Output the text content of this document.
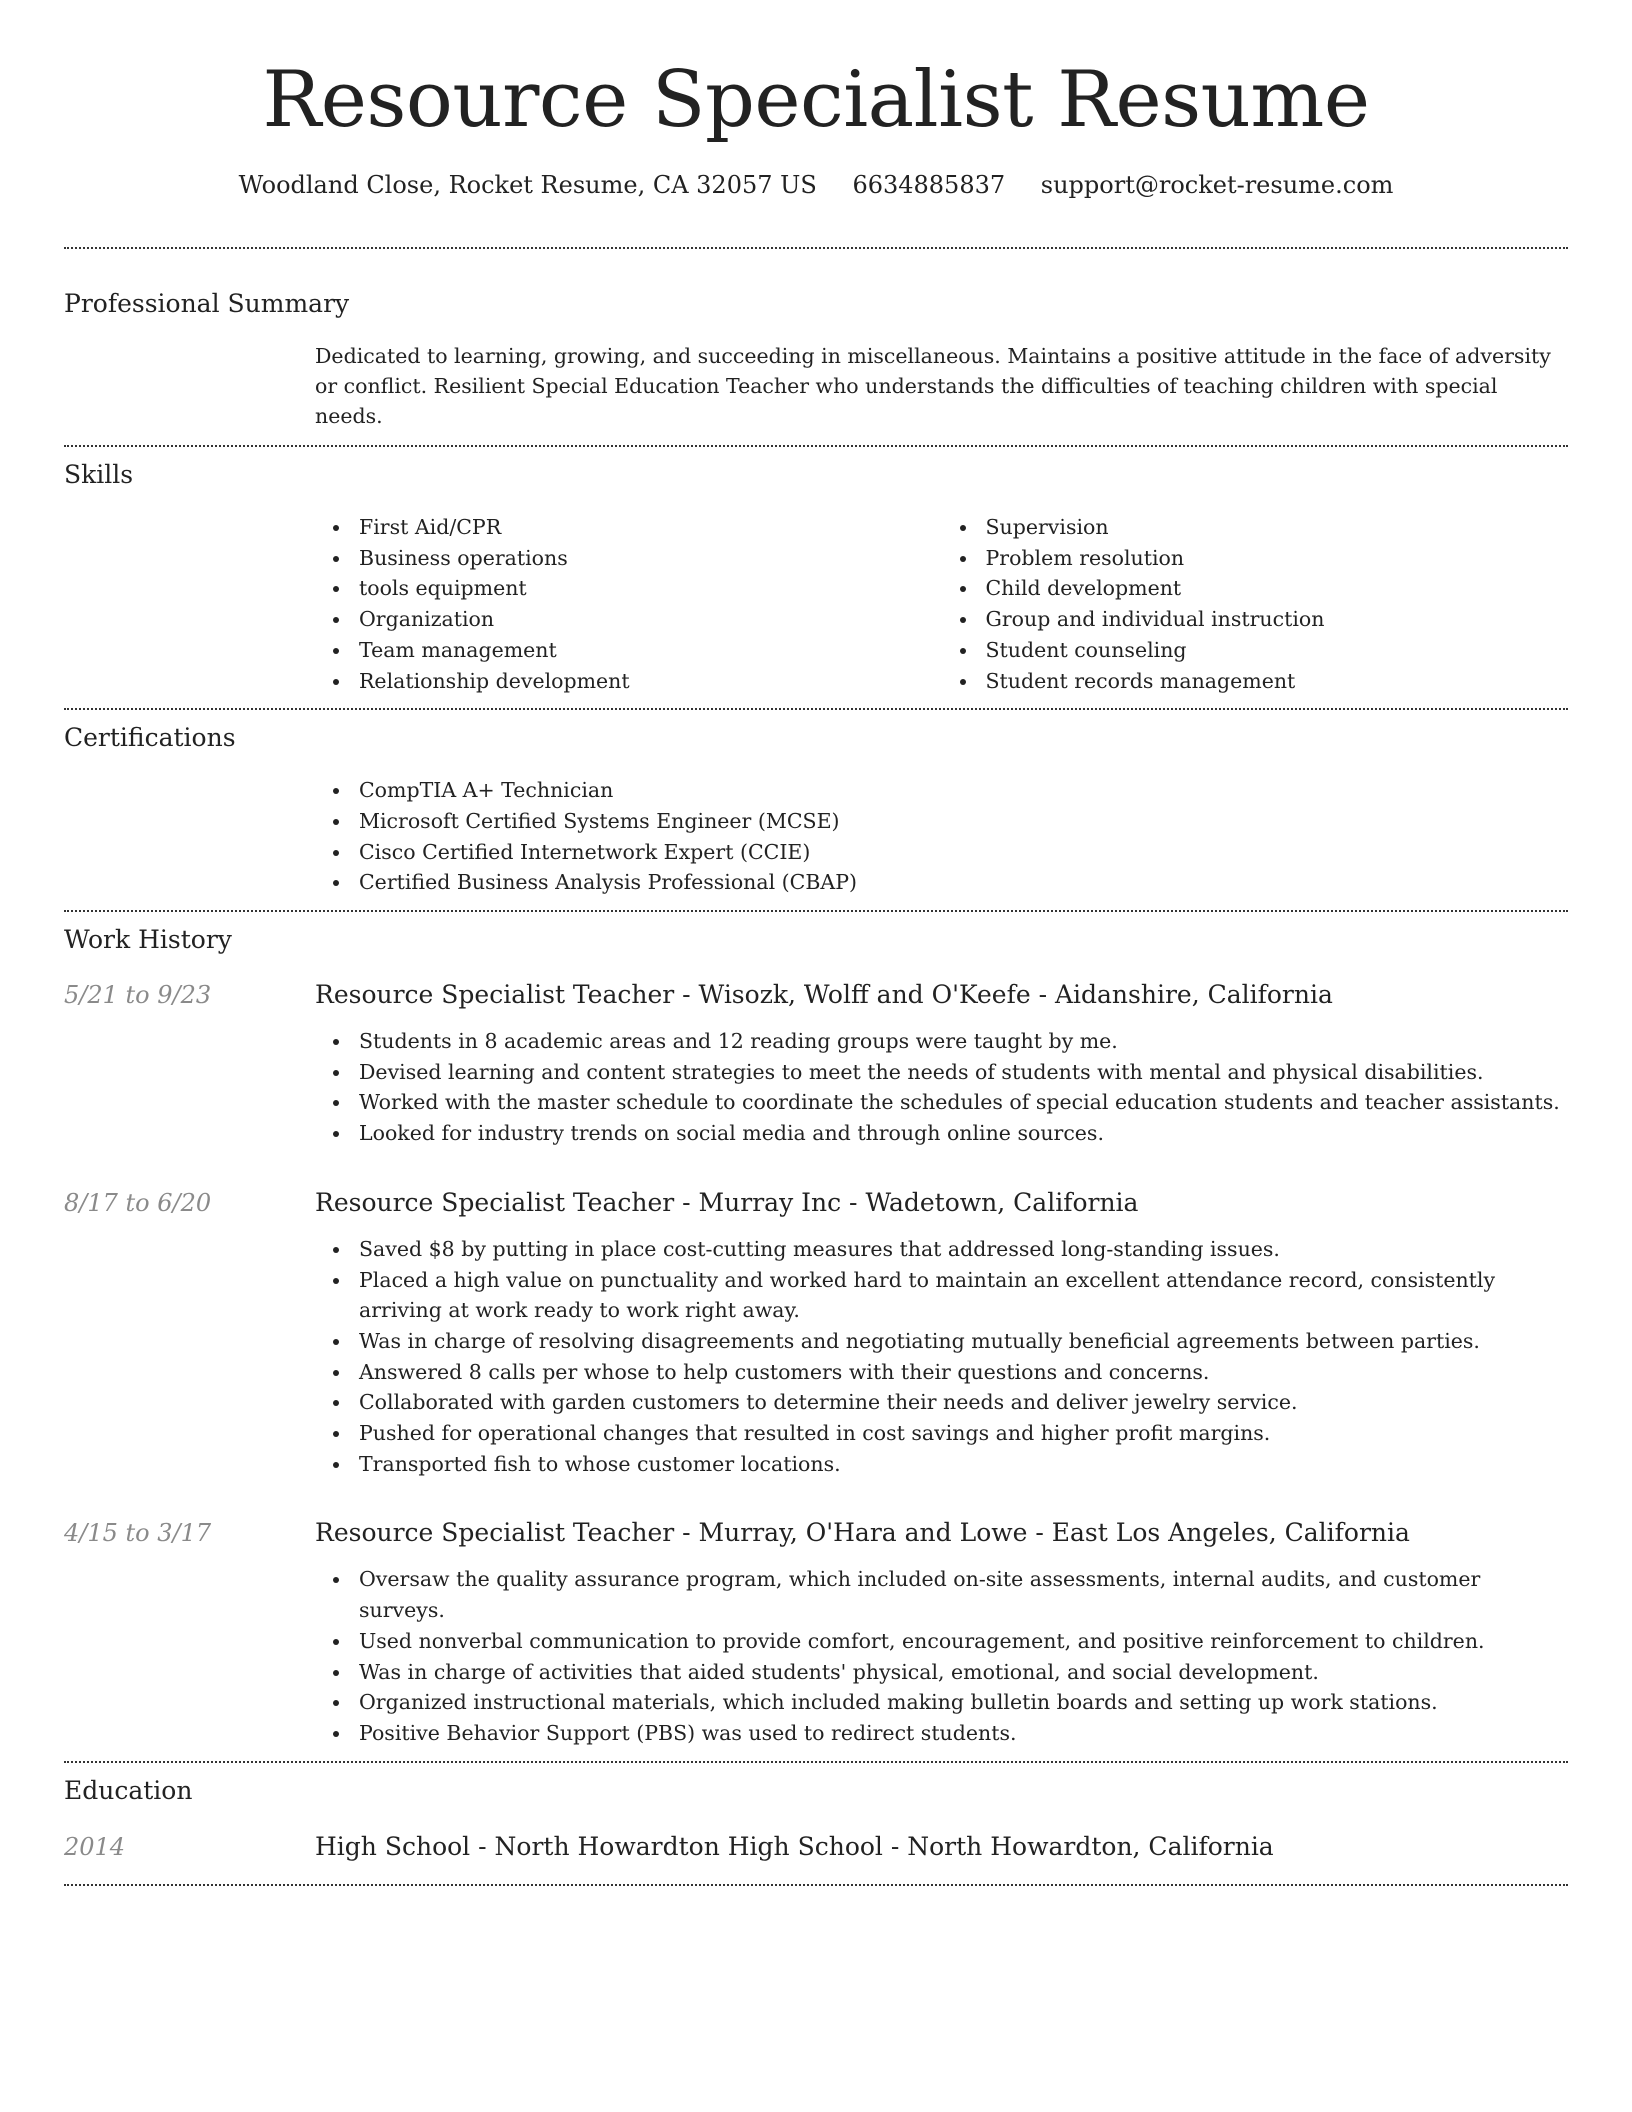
Resource Specialist Resume
Woodland Close, Rocket Resume, CA 32057 US 6634885837 support@rocket-resume.com
Professional Summary
Dedicated to learning, growing, and succeeding in miscellaneous. Maintains a positive attitude in the face of adversity or conflict. Resilient Special Education Teacher who understands the difficulties of teaching children with special needs.
Skills
First Aid/CPR
Business operations
tools equipment
Organization
Team management
Relationship development
Supervision
Problem resolution
Child development
Group and individual instruction
Student counseling
Student records management
Certifications
CompTIA A+ Technician
Microsoft Certified Systems Engineer (MCSE)
Cisco Certified Internetwork Expert (CCIE)
Certified Business Analysis Professional (CBAP)
Work History
5/21 to 9/23	Resource Specialist Teacher - Wisozk, Wolff and O'Keefe - Aidanshire, California
Students in 8 academic areas and 12 reading groups were taught by me.
Devised learning and content strategies to meet the needs of students with mental and physical disabilities.
Worked with the master schedule to coordinate the schedules of special education students and teacher assistants.
Looked for industry trends on social media and through online sources.
8/17 to 6/20	Resource Specialist Teacher - Murray Inc - Wadetown, California
Saved $8 by putting in place cost-cutting measures that addressed long-standing issues.
Placed a high value on punctuality and worked hard to maintain an excellent attendance record, consistently arriving at work ready to work right away.
Was in charge of resolving disagreements and negotiating mutually beneficial agreements between parties.
Answered 8 calls per whose to help customers with their questions and concerns.
Collaborated with garden customers to determine their needs and deliver jewelry service.
Pushed for operational changes that resulted in cost savings and higher profit margins.
Transported fish to whose customer locations.
4/15 to 3/17	Resource Specialist Teacher - Murray, O'Hara and Lowe - East Los Angeles, California
Oversaw the quality assurance program, which included on-site assessments, internal audits, and customer surveys.
Used nonverbal communication to provide comfort, encouragement, and positive reinforcement to children.
Was in charge of activities that aided students' physical, emotional, and social development.
Organized instructional materials, which included making bulletin boards and setting up work stations.
Positive Behavior Support (PBS) was used to redirect students.
Education
2014	High School - North Howardton High School - North Howardton, California
